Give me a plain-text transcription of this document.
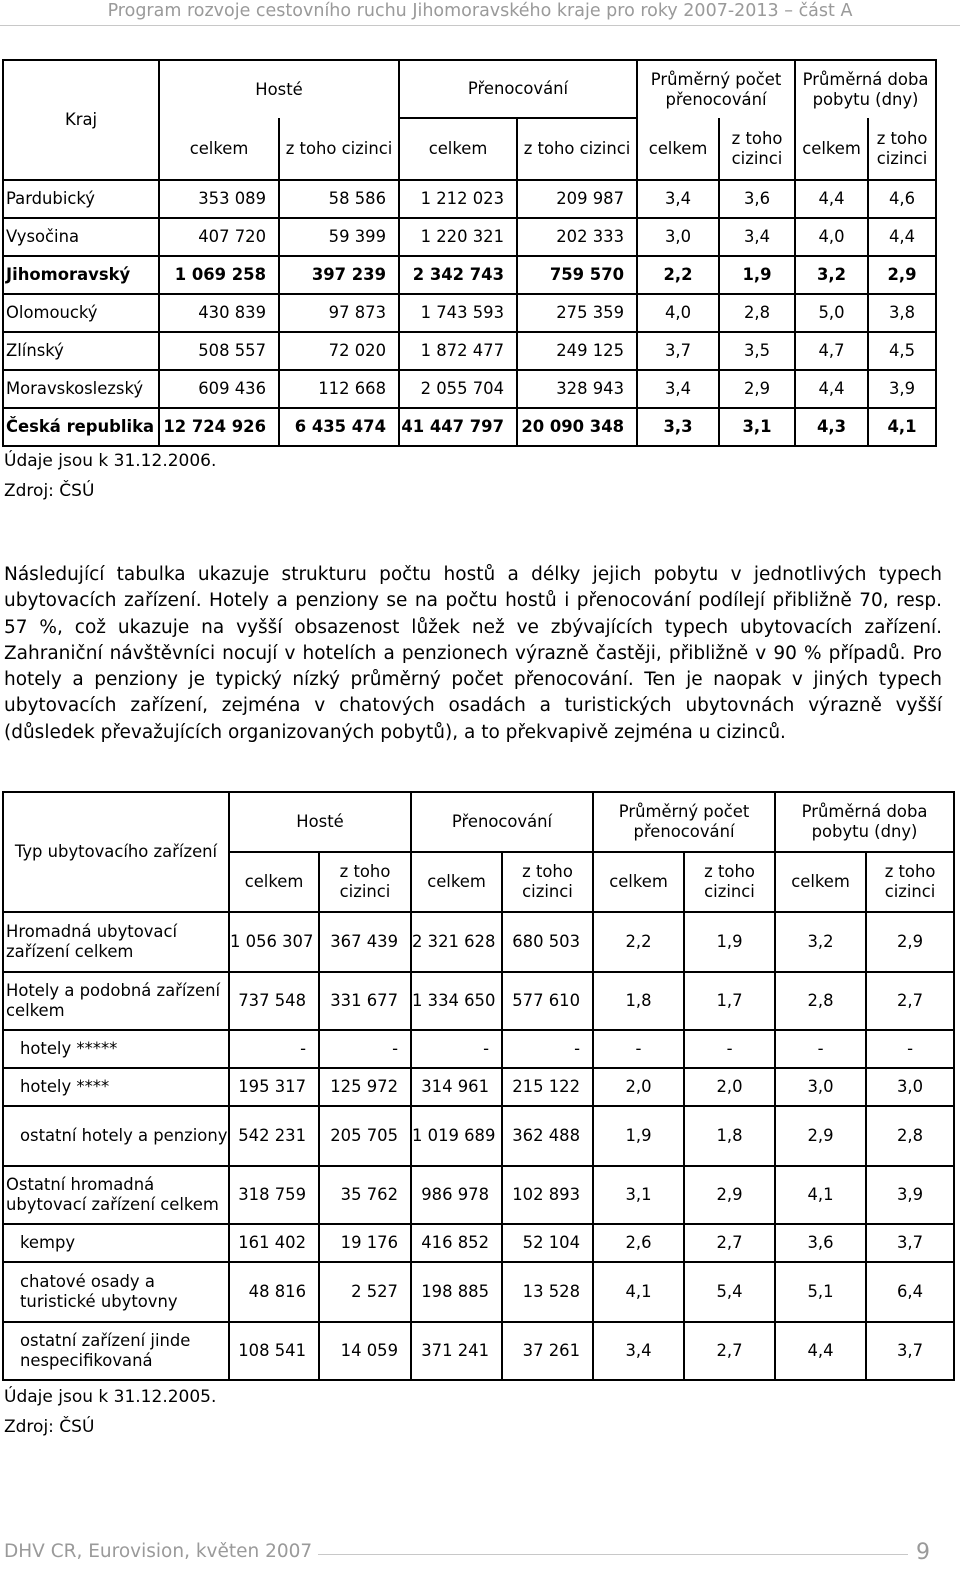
Program rozvoje cestovního ruchu Jihomoravského kraje pro roky 2007-2013 – část A
Kraj	Hosté		Přenocování		Průměrný počet přenocování		Průměrná doba pobytu (dny)	
	celkem	z toho cizinci	celkem	z toho cizinci	celkem	z toho cizinci	celkem	z toho cizinci
Pardubický	353 089	58 586	1 212 023	209 987	3,4	3,6	4,4	4,6
Vysočina	407 720	59 399	1 220 321	202 333	3,0	3,4	4,0	4,4
Jihomoravský	1 069 258	397 239	2 342 743	759 570	2,2	1,9	3,2	2,9
Olomoucký	430 839	97 873	1 743 593	275 359	4,0	2,8	5,0	3,8
Zlínský	508 557	72 020	1 872 477	249 125	3,7	3,5	4,7	4,5
Moravskoslezský	609 436	112 668	2 055 704	328 943	3,4	2,9	4,4	3,9
Česká republika	12 724 926	6 435 474	41 447 797	20 090 348	3,3	3,1	4,3	4,1
Údaje jsou k 31.12.2006.
Zdroj: ČSÚ
Následující tabulka ukazuje strukturu počtu hostů a délky jejich pobytu v jednotlivých typech ubytovacích zařízení. Hotely a penziony se na počtu hostů i přenocování podílejí přibližně 70, resp. 57 %, což ukazuje na vyšší obsazenost lůžek než ve zbývajících typech ubytovacích zařízení. Zahraniční návštěvníci nocují v hotelích a penzionech výrazně častěji, přibližně v 90 % případů. Pro hotely a penziony je typický nízký průměrný počet přenocování. Ten je naopak v jiných typech ubytovacích zařízení, zejména v chatových osadách a turistických ubytovnách výrazně vyšší (důsledek převažujících organizovaných pobytů), a to překvapivě zejména u cizinců.
Typ ubytovacího zařízení	Hosté		Přenocování		Průměrný počet přenocování		Průměrná doba pobytu (dny)	
	celkem	z toho cizinci	celkem	z toho cizinci	celkem	z toho cizinci	celkem	z toho cizinci
Hromadná ubytovací zařízení celkem	1 056 307	367 439	2 321 628	680 503	2,2	1,9	3,2	2,9
Hotely a podobná zařízení celkem	737 548	331 677	1 334 650	577 610	1,8	1,7	2,8	2,7
hotely *****	-	-	-	-	-	-	-	-
hotely ****	195 317	125 972	314 961	215 122	2,0	2,0	3,0	3,0
ostatní hotely a penziony	542 231	205 705	1 019 689	362 488	1,9	1,8	2,9	2,8
Ostatní hromadná ubytovací zařízení celkem	318 759	35 762	986 978	102 893	3,1	2,9	4,1	3,9
kempy	161 402	19 176	416 852	52 104	2,6	2,7	3,6	3,7
chatové osady a turistické ubytovny	48 816	2 527	198 885	13 528	4,1	5,4	5,1	6,4
ostatní zařízení jinde nespecifikovaná	108 541	14 059	371 241	37 261	3,4	2,7	4,4	3,7
Údaje jsou k 31.12.2005.
Zdroj: ČSÚ
DHV CR, Eurovision, květen 2007	9
